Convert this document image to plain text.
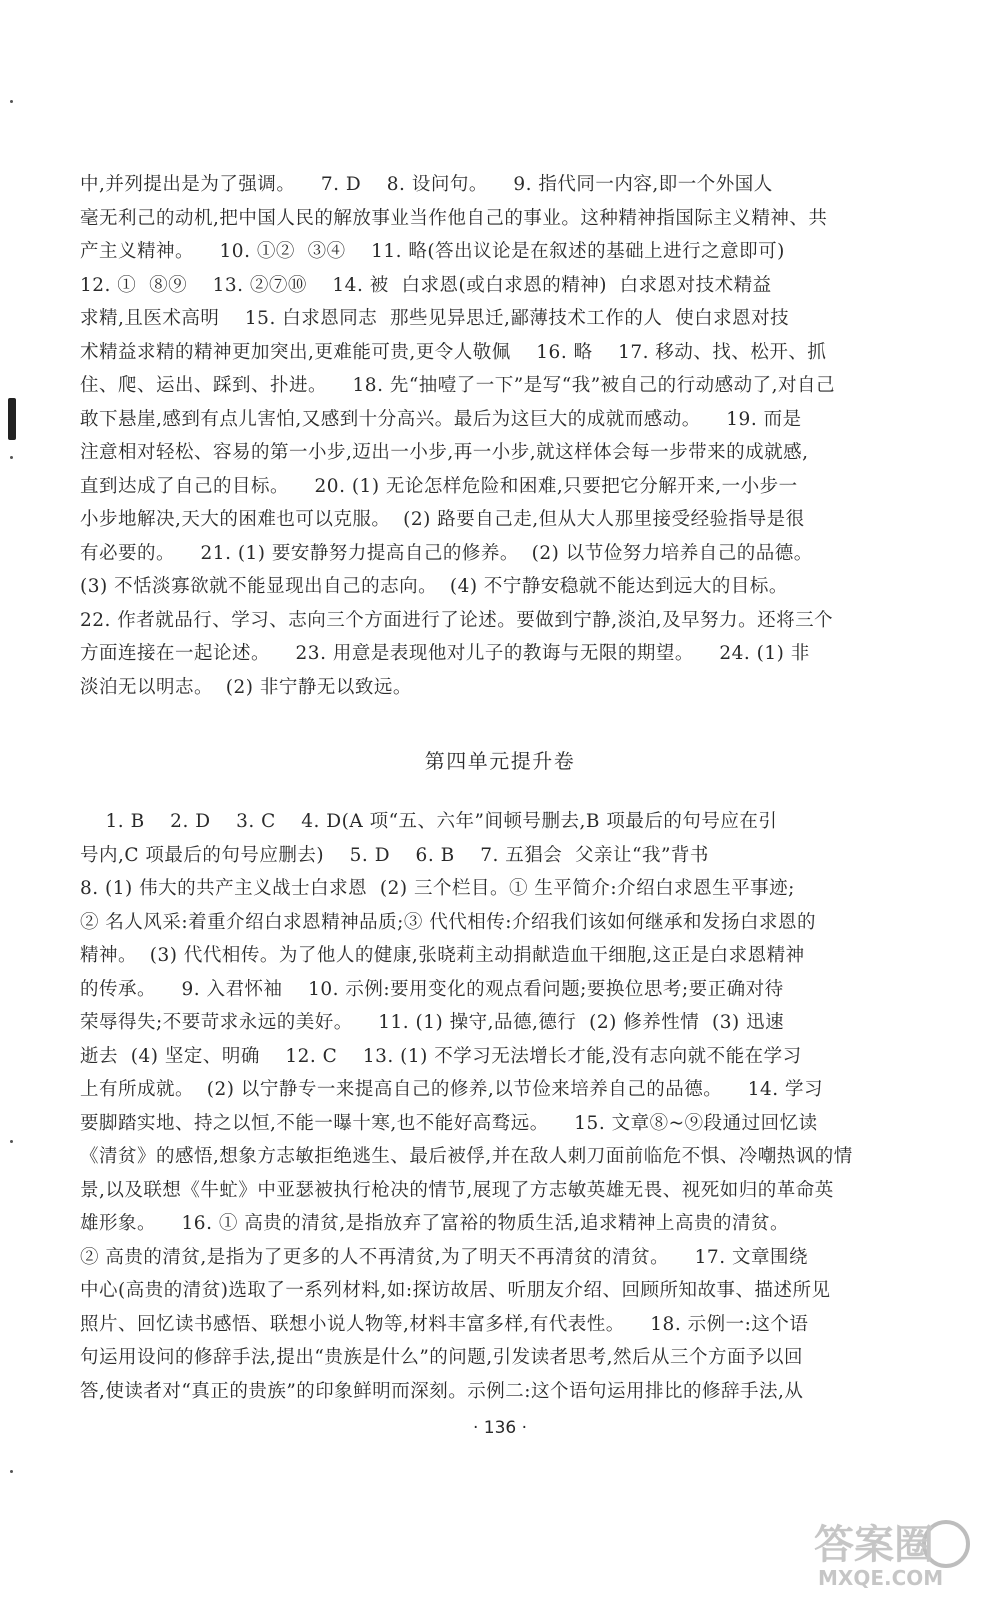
中,并列提出是为了强调。    7. D    8. 设问句。    9. 指代同一内容,即一个外国人

毫无利己的动机,把中国人民的解放事业当作他自己的事业。这种精神指国际主义精神、共

产主义精神。    10. ①②  ③④    11. 略(答出议论是在叙述的基础上进行之意即可)

12. ①  ⑧⑨    13. ②⑦⑩    14. 被  白求恩(或白求恩的精神)  白求恩对技术精益

求精,且医术高明    15. 白求恩同志  那些见异思迁,鄙薄技术工作的人  使白求恩对技

术精益求精的精神更加突出,更难能可贵,更令人敬佩    16. 略    17. 移动、找、松开、抓

住、爬、运出、踩到、扑进。    18. 先“抽噎了一下”是写“我”被自己的行动感动了,对自己

敢下悬崖,感到有点儿害怕,又感到十分高兴。最后为这巨大的成就而感动。    19. 而是

注意相对轻松、容易的第一小步,迈出一小步,再一小步,就这样体会每一步带来的成就感,

直到达成了自己的目标。    20. (1) 无论怎样危险和困难,只要把它分解开来,一小步一

小步地解决,天大的困难也可以克服。  (2) 路要自己走,但从大人那里接受经验指导是很

有必要的。    21. (1) 要安静努力提高自己的修养。  (2) 以节俭努力培养自己的品德。

(3) 不恬淡寡欲就不能显现出自己的志向。  (4) 不宁静安稳就不能达到远大的目标。

22. 作者就品行、学习、志向三个方面进行了论述。要做到宁静,淡泊,及早努力。还将三个

方面连接在一起论述。    23. 用意是表现他对儿子的教诲与无限的期望。    24. (1) 非

淡泊无以明志。  (2) 非宁静无以致远。

第四单元提升卷

1. B    2. D    3. C    4. D(A 项“五、六年”间顿号删去,B 项最后的句号应在引

号内,C 项最后的句号应删去)    5. D    6. B    7. 五猖会  父亲让“我”背书

8. (1) 伟大的共产主义战士白求恩  (2) 三个栏目。① 生平简介:介绍白求恩生平事迹;

② 名人风采:着重介绍白求恩精神品质;③ 代代相传:介绍我们该如何继承和发扬白求恩的

精神。  (3) 代代相传。为了他人的健康,张晓莉主动捐献造血干细胞,这正是白求恩精神

的传承。    9. 入君怀袖    10. 示例:要用变化的观点看问题;要换位思考;要正确对待

荣辱得失;不要苛求永远的美好。    11. (1) 操守,品德,德行  (2) 修养性情  (3) 迅速

逝去  (4) 坚定、明确    12. C    13. (1) 不学习无法增长才能,没有志向就不能在学习

上有所成就。  (2) 以宁静专一来提高自己的修养,以节俭来培养自己的品德。    14. 学习

要脚踏实地、持之以恒,不能一曝十寒,也不能好高骛远。    15. 文章⑧~⑨段通过回忆读

《清贫》的感悟,想象方志敏拒绝逃生、最后被俘,并在敌人刺刀面前临危不惧、冷嘲热讽的情

景,以及联想《牛虻》中亚瑟被执行枪决的情节,展现了方志敏英雄无畏、视死如归的革命英

雄形象。    16. ① 高贵的清贫,是指放弃了富裕的物质生活,追求精神上高贵的清贫。

② 高贵的清贫,是指为了更多的人不再清贫,为了明天不再清贫的清贫。    17. 文章围绕

中心(高贵的清贫)选取了一系列材料,如:探访故居、听朋友介绍、回顾所知故事、描述所见

照片、回忆读书感悟、联想小说人物等,材料丰富多样,有代表性。    18. 示例一:这个语

句运用设问的修辞手法,提出“贵族是什么”的问题,引发读者思考,然后从三个方面予以回

答,使读者对“真正的贵族”的印象鲜明而深刻。示例二:这个语句运用排比的修辞手法,从

· 136 ·
答案圈
MXQE.COM
